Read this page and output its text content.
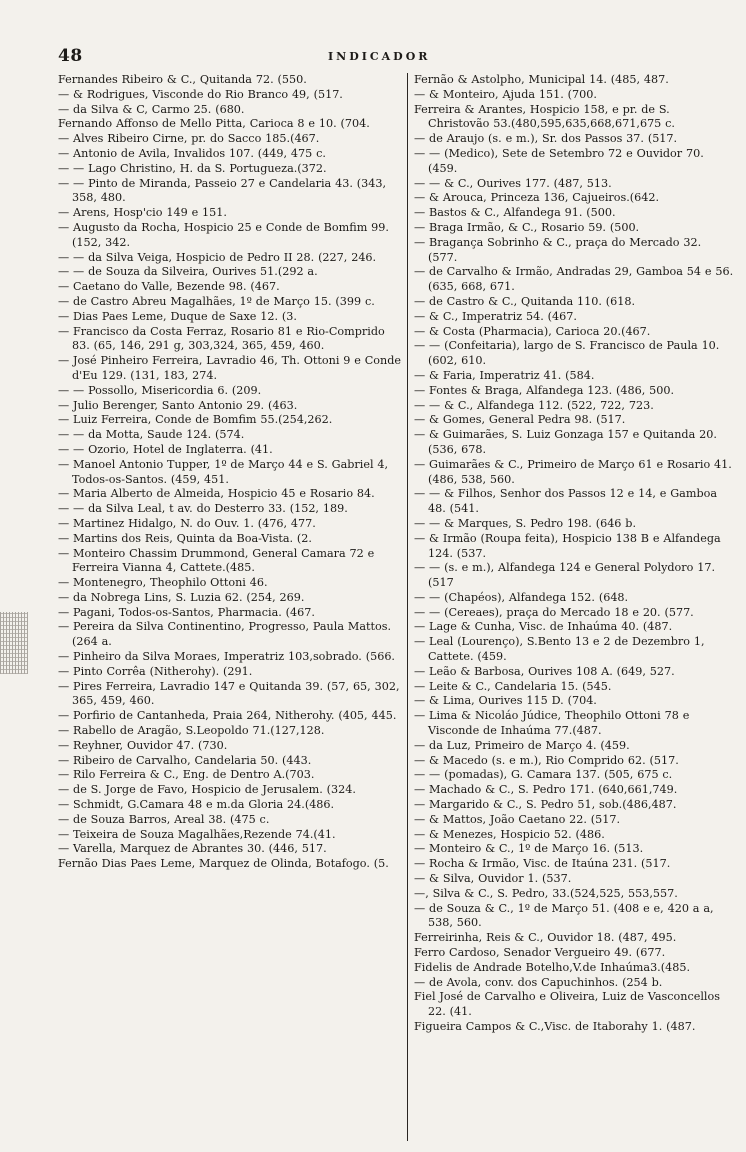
48	INDICADOR
Fernandes Ribeiro & C., Quitanda 72. (550.
— & Rodrigues, Visconde do Rio Branco 49, (517.
— da Silva & C, Carmo 25. (680.
Fernando Affonso de Mello Pitta, Carioca 8 e 10. (704.
— Alves Ribeiro Cirne, pr. do Sacco 185.(467.
— Antonio de Avila, Invalidos 107. (449, 475 c.
— — Lago Christino, H. da S. Portugueza.(372.
— — Pinto de Miranda, Passeio 27 e Candelaria 43. (343, 358, 480.
— Arens, Hosp'cio 149 e 151.
— Augusto da Rocha, Hospicio 25 e Conde de Bomfim 99. (152, 342.
— — da Silva Veiga, Hospicio de Pedro II 28. (227, 246.
— — de Souza da Silveira, Ourives 51.(292 a.
— Caetano do Valle, Bezende 98. (467.
— de Castro Abreu Magalhães, 1º de Março 15. (399 c.
— Dias Paes Leme, Duque de Saxe 12. (3.
— Francisco da Costa Ferraz, Rosario 81 e Rio-Comprido 83. (65, 146, 291 g, 303,324, 365, 459, 460.
— José Pinheiro Ferreira, Lavradio 46, Th. Ottoni 9 e Conde d'Eu 129. (131, 183, 274.
— — Possollo, Misericordia 6. (209.
— Julio Berenger, Santo Antonio 29. (463.
— Luiz Ferreira, Conde de Bomfim 55.(254,262.
— — da Motta, Saude 124. (574.
— — Ozorio, Hotel de Inglaterra. (41.
— Manoel Antonio Tupper, 1º de Março 44 e S. Gabriel 4, Todos-os-Santos. (459, 451.
— Maria Alberto de Almeida, Hospicio 45 e Rosario 84.
— — da Silva Leal, t av. do Desterro 33. (152, 189.
— Martinez Hidalgo, N. do Ouv. 1. (476, 477.
— Martins dos Reis, Quinta da Boa-Vista. (2.
— Monteiro Chassim Drummond, General Camara 72 e Ferreira Vianna 4, Cattete.(485.
— Montenegro, Theophilo Ottoni 46.
— da Nobrega Lins, S. Luzia 62. (254, 269.
— Pagani, Todos-os-Santos, Pharmacia. (467.
— Pereira da Silva Continentino, Progresso, Paula Mattos. (264 a.
— Pinheiro da Silva Moraes, Imperatriz 103,sobrado. (566.
— Pinto Corrêa (Nitherohy). (291.
— Pires Ferreira, Lavradio 147 e Quitanda 39. (57, 65, 302, 365, 459, 460.
— Porfirio de Cantanheda, Praia 264, Nitherohy. (405, 445.
— Rabello de Aragão, S.Leopoldo 71.(127,128.
— Reyhner, Ouvidor 47. (730.
— Ribeiro de Carvalho, Candelaria 50. (443.
— Rilo Ferreira & C., Eng. de Dentro A.(703.
— de S. Jorge de Favo, Hospicio de Jerusalem. (324.
— Schmidt, G.Camara 48 e m.da Gloria 24.(486.
— de Souza Barros, Areal 38. (475 c.
— Teixeira de Souza Magalhães,Rezende 74.(41.
— Varella, Marquez de Abrantes 30. (446, 517.
Fernão Dias Paes Leme, Marquez de Olinda, Botafogo. (5.
Fernão & Astolpho, Municipal 14. (485, 487.
— & Monteiro, Ajuda 151. (700.
Ferreira & Arantes, Hospicio 158, e pr. de S. Christovão 53.(480,595,635,668,671,675 c.
— de Araujo (s. e m.), Sr. dos Passos 37. (517.
— — (Medico), Sete de Setembro 72 e Ouvidor 70. (459.
— — & C., Ourives 177. (487, 513.
— & Arouca, Princeza 136, Cajueiros.(642.
— Bastos & C., Alfandega 91. (500.
— Braga Irmão, & C., Rosario 59. (500.
— Bragança Sobrinho & C., praça do Mercado 32. (577.
— de Carvalho & Irmão, Andradas 29, Gamboa 54 e 56. (635, 668, 671.
— de Castro & C., Quitanda 110. (618.
— & C., Imperatriz 54. (467.
— & Costa (Pharmacia), Carioca 20.(467.
— — (Confeitaria), largo de S. Francisco de Paula 10. (602, 610.
— & Faria, Imperatriz 41. (584.
— Fontes & Braga, Alfandega 123. (486, 500.
— — & C., Alfandega 112. (522, 722, 723.
— & Gomes, General Pedra 98. (517.
— & Guimarães, S. Luiz Gonzaga 157 e Quitanda 20. (536, 678.
— Guimarães & C., Primeiro de Março 61 e Rosario 41. (486, 538, 560.
— — & Filhos, Senhor dos Passos 12 e 14, e Gamboa 48. (541.
— — & Marques, S. Pedro 198. (646 b.
— & Irmão (Roupa feita), Hospicio 138 B e Alfandega 124. (537.
— — (s. e m.), Alfandega 124 e General Polydoro 17. (517
— — (Chapéos), Alfandega 152. (648.
— — (Cereaes), praça do Mercado 18 e 20. (577.
— Lage & Cunha, Visc. de Inhaúma 40. (487.
— Leal (Lourenço), S.Bento 13 e 2 de Dezembro 1, Cattete. (459.
— Leão & Barbosa, Ourives 108 A. (649, 527.
— Leite & C., Candelaria 15. (545.
— & Lima, Ourives 115 D. (704.
— Lima & Nicoláo Júdice, Theophilo Ottoni 78 e Visconde de Inhaúma 77.(487.
— da Luz, Primeiro de Março 4. (459.
— & Macedo (s. e m.), Rio Comprido 62. (517.
— — (pomadas), G. Camara 137. (505, 675 c.
— Machado & C., S. Pedro 171. (640,661,749.
— Margarido & C., S. Pedro 51, sob.(486,487.
— & Mattos, João Caetano 22. (517.
— & Menezes, Hospicio 52. (486.
— Monteiro & C., 1º de Março 16. (513.
— Rocha & Irmão, Visc. de Itaúna 231. (517.
— & Silva, Ouvidor 1. (537.
—, Silva & C., S. Pedro, 33.(524,525, 553,557.
— de Souza & C., 1º de Março 51. (408 e e, 420 a a, 538, 560.
Ferreirinha, Reis & C., Ouvidor 18. (487, 495.
Ferro Cardoso, Senador Vergueiro 49. (677.
Fidelis de Andrade Botelho,V.de Inhaúma3.(485.
— de Avola, conv. dos Capuchinhos. (254 b.
Fiel José de Carvalho e Oliveira, Luiz de Vasconcellos 22. (41.
Figueira Campos & C.,Visc. de Itaborahy 1. (487.
